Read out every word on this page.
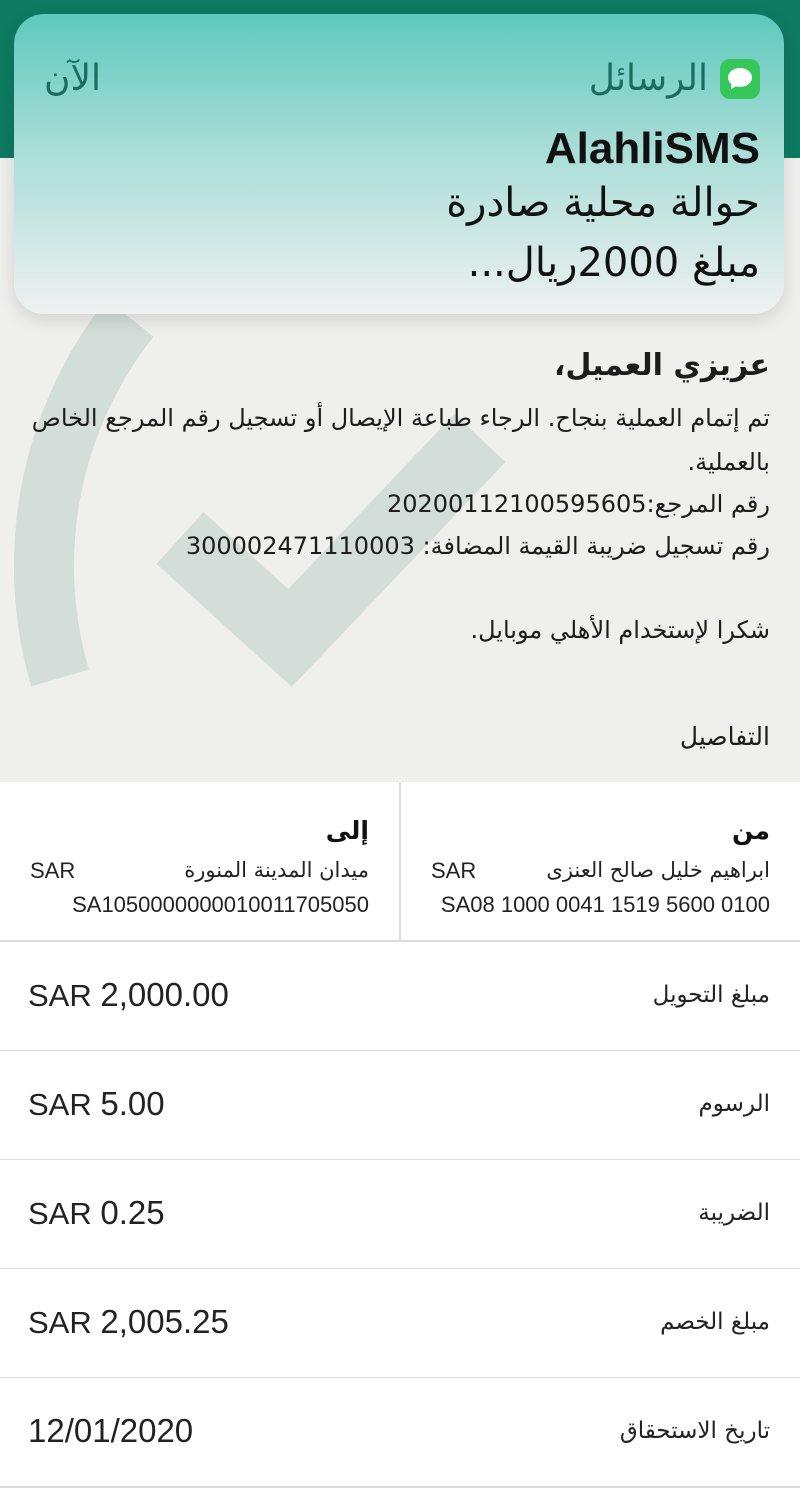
عزيزي العميل،
تم إتمام العملية بنجاح. الرجاء طباعة الإيصال أو تسجيل رقم المرجع الخاص
بالعملية.
رقم المرجع:20200112100595605
رقم تسجيل ضريبة القيمة المضافة: 300002471110003
شكرا لإستخدام الأهلي موبايل.
التفاصيل
الرسائل
الآن
AlahliSMS
حوالة محلية صادرة
مبلغ 2000ريال...
من
ابراهيم خليل صالح العنزى
SAR
SA08 1000 0041 1519 5600 0100
إلى
ميدان المدينة المنورة
SAR
SA1050000000010011705050
مبلغ التحويل
SAR 2,000.00
الرسوم
SAR 5.00
الضريبة
SAR 0.25
مبلغ الخصم
SAR 2,005.25
تاريخ الاستحقاق
12/01/2020
